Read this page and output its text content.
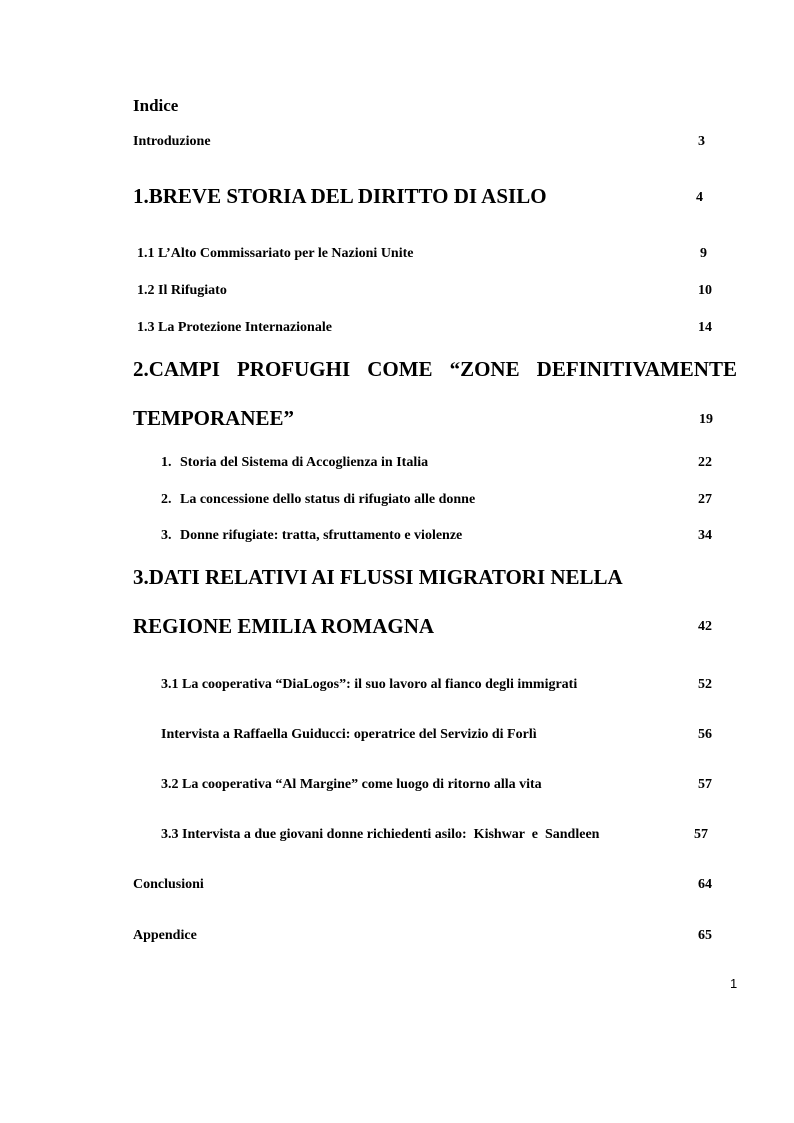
Indice
Introduzione	3
1.BREVE STORIA DEL DIRITTO DI ASILO	4
1.1 L’Alto Commissariato per le Nazioni Unite	9
1.2 Il Rifugiato	10
1.3 La Protezione Internazionale	14
2.CAMPI PROFUGHI COME “ZONE DEFINITIVAMENTE
TEMPORANEE”	19
1. Storia del Sistema di Accoglienza in Italia	22
2. La concessione dello status di rifugiato alle donne	27
3. Donne rifugiate: tratta, sfruttamento e violenze	34
3.DATI RELATIVI AI FLUSSI MIGRATORI NELLA
REGIONE EMILIA ROMAGNA	42
3.1 La cooperativa “DiaLogos”: il suo lavoro al fianco degli immigrati	52
Intervista a Raffaella Guiducci: operatrice del Servizio di Forlì	56
3.2 La cooperativa “Al Margine” come luogo di ritorno alla vita	57
3.3 Intervista a due giovani donne richiedenti asilo:  Kishwar  e  Sandleen	57
Conclusioni	64
Appendice	65
1
